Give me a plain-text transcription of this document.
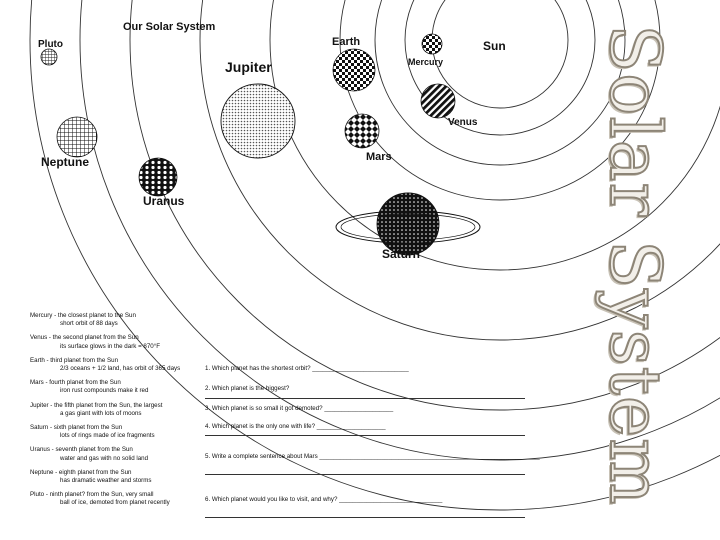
Our Solar System
Sun
Mercury
Venus
Earth
Mars
Jupiter
Saturn
Uranus
Neptune
Pluto	Solar System
Mercury - the closest planet to the Sun
short orbit of 88 days
Venus - the second planet from the Sun
its surface glows in the dark = 870°F
Earth - third planet from the Sun
2/3 oceans + 1/2 land, has orbit of 365 days
Mars - fourth planet from the Sun
iron rust compounds make it red
Jupiter - the fifth planet from the Sun, the largest
a gas giant with lots of moons
Saturn - sixth planet from the Sun
lots of rings made of ice fragments
Uranus - seventh planet from the Sun
water and gas with no solid land
Neptune - eighth planet from the Sun
has dramatic weather and storms
Pluto - ninth planet? from the Sun, very small
ball of ice, demoted from planet recently
1. Which planet has the shortest orbit? ____________________________
2. Which planet is the biggest?
3. Which planet is so small it got demoted? ____________________
4. Which planet is the only one with life? ____________________
5. Write a complete sentence about Mars ________________________________________________________________
6. Which planet would you like to visit, and why? ______________________________
